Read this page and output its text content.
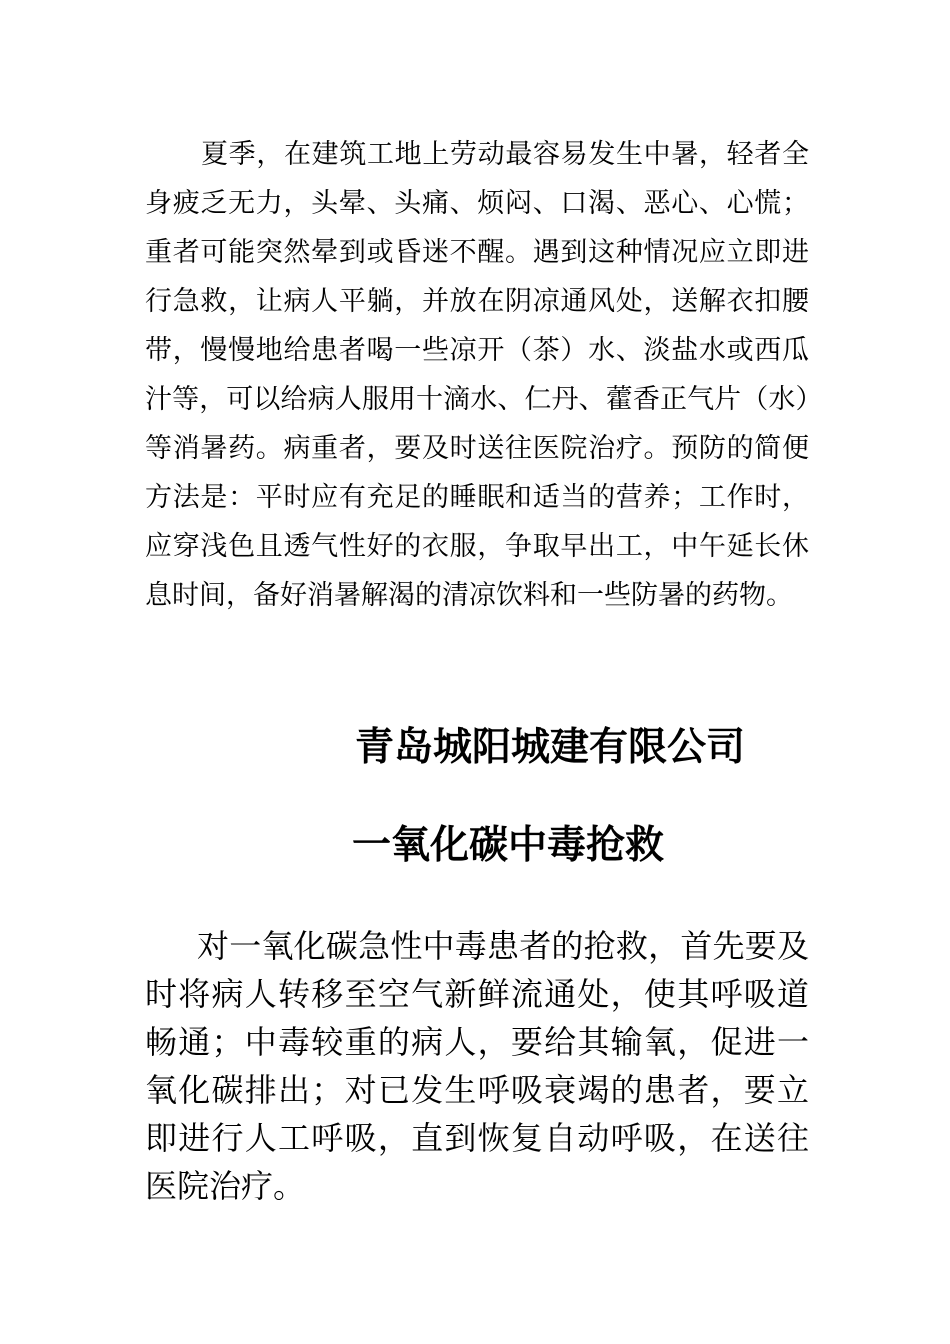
夏季，在建筑工地上劳动最容易发生中暑，轻者全身疲乏无力，头晕、头痛、烦闷、口渴、恶心、心慌；重者可能突然晕到或昏迷不醒。遇到这种情况应立即进行急救，让病人平躺，并放在阴凉通风处，送解衣扣腰带，慢慢地给患者喝一些凉开（茶）水、淡盐水或西瓜汁等，可以给病人服用十滴水、仁丹、藿香正气片（水）等消暑药。病重者，要及时送往医院治疗。预防的简便方法是：平时应有充足的睡眠和适当的营养；工作时，应穿浅色且透气性好的衣服，争取早出工，中午延长休息时间，备好消暑解渴的清凉饮料和一些防暑的药物。

青岛城阳城建有限公司
一氧化碳中毒抢救

对一氧化碳急性中毒患者的抢救，首先要及时将病人转移至空气新鲜流通处，使其呼吸道畅通；中毒较重的病人，要给其输氧，促进一氧化碳排出；对已发生呼吸衰竭的患者，要立即进行人工呼吸，直到恢复自动呼吸，在送往医院治疗。
